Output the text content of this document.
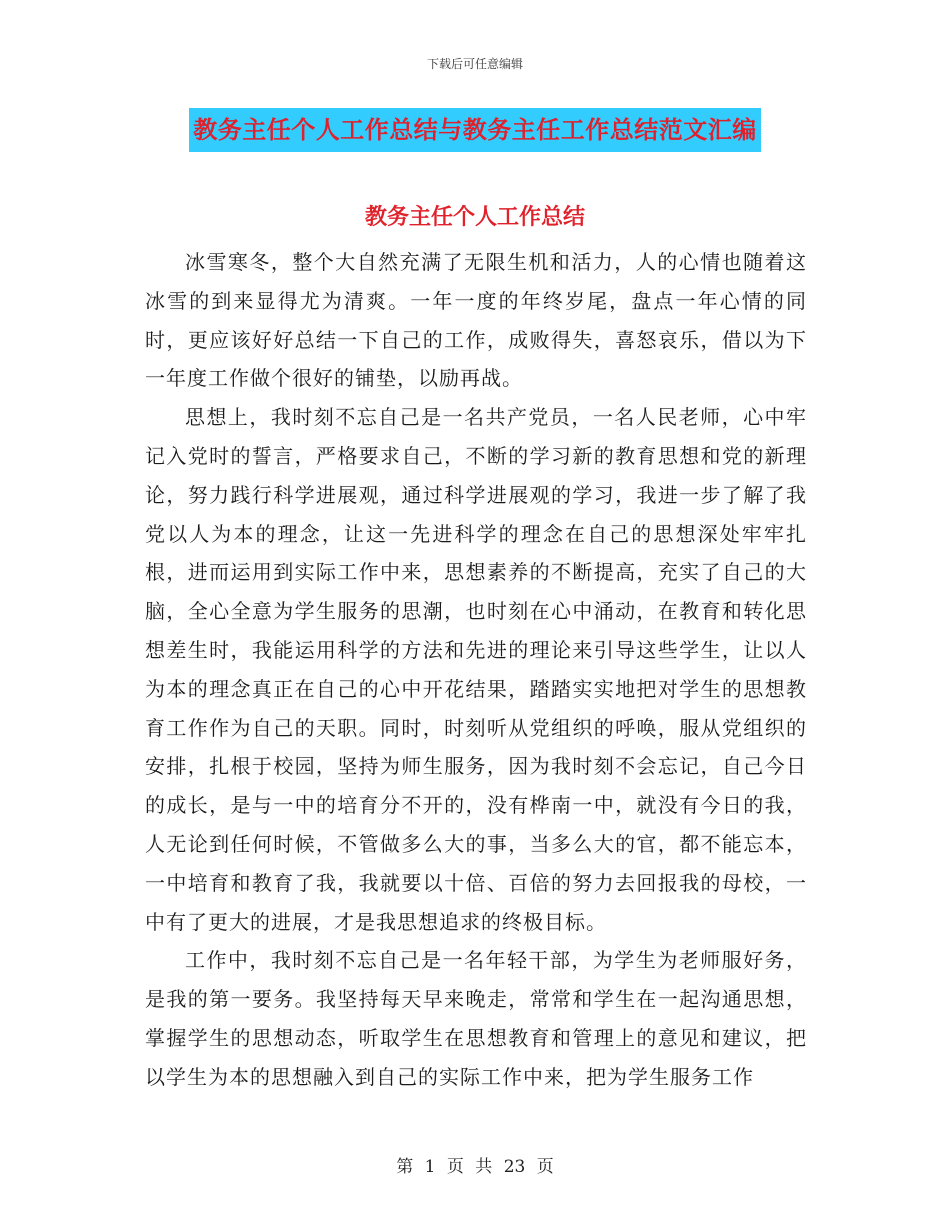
下载后可任意编辑
教务主任个人工作总结与教务主任工作总结范文汇编
教务主任个人工作总结

冰雪寒冬，整个大自然充满了无限生机和活力，人的心情也随着这冰雪的到来显得尤为清爽。一年一度的年终岁尾，盘点一年心情的同时，更应该好好总结一下自己的工作，成败得失，喜怒哀乐，借以为下一年度工作做个很好的铺垫，以励再战。

思想上，我时刻不忘自己是一名共产党员，一名人民老师，心中牢记入党时的誓言，严格要求自己，不断的学习新的教育思想和党的新理论，努力践行科学进展观，通过科学进展观的学习，我进一步了解了我党以人为本的理念，让这一先进科学的理念在自己的思想深处牢牢扎根，进而运用到实际工作中来，思想素养的不断提高，充实了自己的大脑，全心全意为学生服务的思潮，也时刻在心中涌动，在教育和转化思想差生时，我能运用科学的方法和先进的理论来引导这些学生，让以人为本的理念真正在自己的心中开花结果，踏踏实实地把对学生的思想教育工作作为自己的天职。同时，时刻听从党组织的呼唤，服从党组织的安排，扎根于校园，坚持为师生服务，因为我时刻不会忘记，自己今日的成长，是与一中的培育分不开的，没有桦南一中，就没有今日的我，人无论到任何时候，不管做多么大的事，当多么大的官，都不能忘本，一中培育和教育了我，我就要以十倍、百倍的努力去回报我的母校，一中有了更大的进展，才是我思想追求的终极目标。

工作中，我时刻不忘自己是一名年轻干部，为学生为老师服好务，是我的第一要务。我坚持每天早来晚走，常常和学生在一起沟通思想，掌握学生的思想动态，听取学生在思想教育和管理上的意见和建议，把以学生为本的思想融入到自己的实际工作中来，把为学生服务工作

第 1 页 共 23 页
